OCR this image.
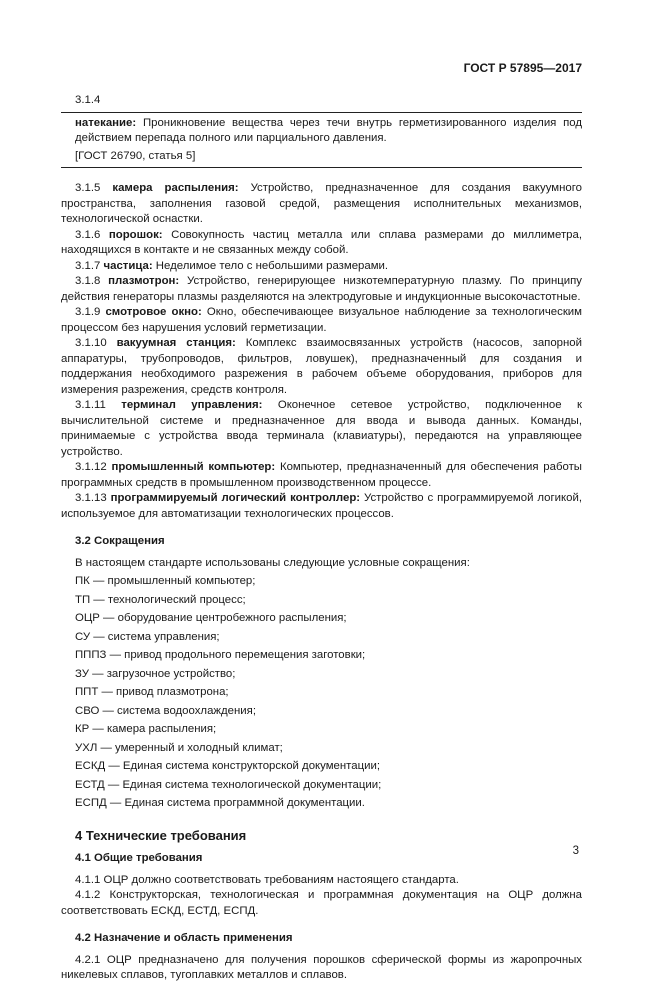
ГОСТ Р 57895—2017
3.1.4

натекание: Проникновение вещества через течи внутрь герметизированного изделия под действием перепада полного или парциального давления.

[ГОСТ 26790, статья 5]

3.1.5 камера распыления: Устройство, предназначенное для создания вакуумного пространства, заполнения газовой средой, размещения исполнительных механизмов, технологической оснастки.

3.1.6 порошок: Совокупность частиц металла или сплава размерами до миллиметра, находящихся в контакте и не связанных между собой.

3.1.7 частица: Неделимое тело с небольшими размерами.

3.1.8 плазмотрон: Устройство, генерирующее низкотемпературную плазму. По принципу действия генераторы плазмы разделяются на электродуговые и индукционные высокочастотные.

3.1.9 смотровое окно: Окно, обеспечивающее визуальное наблюдение за технологическим процессом без нарушения условий герметизации.

3.1.10 вакуумная станция: Комплекс взаимосвязанных устройств (насосов, запорной аппаратуры, трубопроводов, фильтров, ловушек), предназначенный для создания и поддержания необходимого разрежения в рабочем объеме оборудования, приборов для измерения разрежения, средств контроля.

3.1.11 терминал управления: Оконечное сетевое устройство, подключенное к вычислительной системе и предназначенное для ввода и вывода данных. Команды, принимаемые с устройства ввода терминала (клавиатуры), передаются на управляющее устройство.

3.1.12 промышленный компьютер: Компьютер, предназначенный для обеспечения работы программных средств в промышленном производственном процессе.

3.1.13 программируемый логический контроллер: Устройство с программируемой логикой, используемое для автоматизации технологических процессов.

3.2 Сокращения

В настоящем стандарте использованы следующие условные сокращения:

ПК — промышленный компьютер;
ТП — технологический процесс;
ОЦР — оборудование центробежного распыления;
СУ — система управления;
ПППЗ — привод продольного перемещения заготовки;
ЗУ — загрузочное устройство;
ППТ — привод плазмотрона;
СВО — система водоохлаждения;
КР — камера распыления;
УХЛ — умеренный и холодный климат;
ЕСКД — Единая система конструкторской документации;
ЕСТД — Единая система технологической документации;
ЕСПД — Единая система программной документации.
4 Технические требования
4.1 Общие требования

4.1.1 ОЦР должно соответствовать требованиям настоящего стандарта.

4.1.2 Конструкторская, технологическая и программная документация на ОЦР должна соответствовать ЕСКД, ЕСТД, ЕСПД.

4.2 Назначение и область применения

4.2.1 ОЦР предназначено для получения порошков сферической формы из жаропрочных никелевых сплавов, тугоплавких металлов и сплавов.

3
